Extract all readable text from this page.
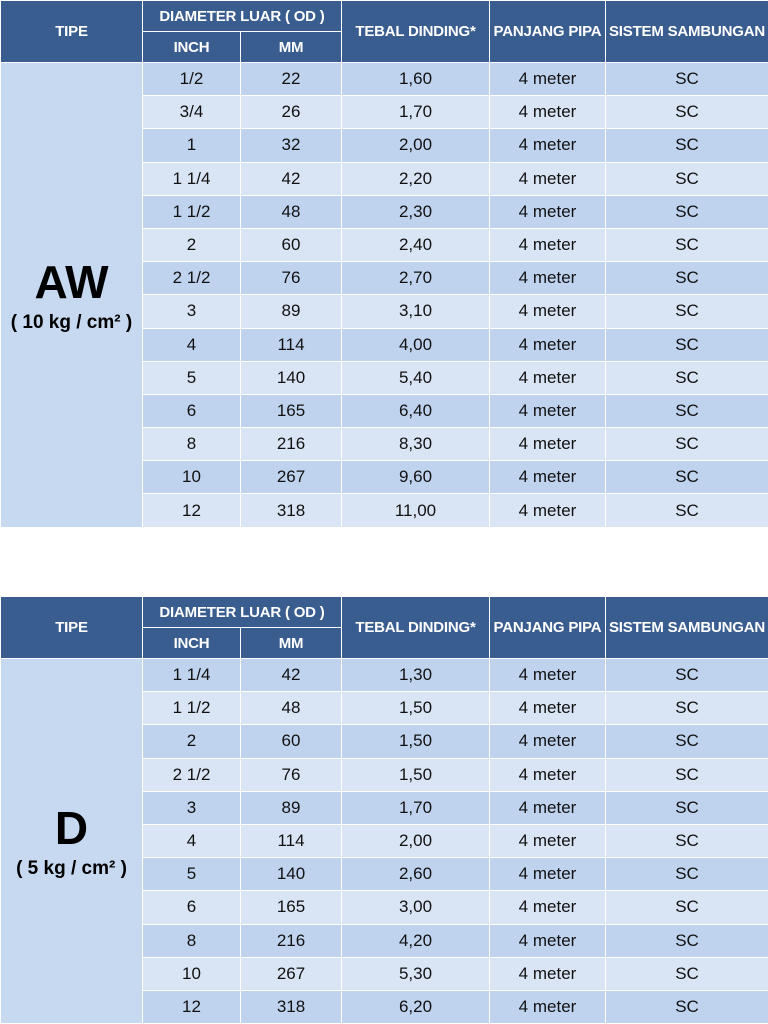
TIPE	DIAMETER LUAR ( OD )		TEBAL DINDING*	PANJANG PIPA	SISTEM SAMBUNGAN
	INCH	MM			

AW
( 10 kg / cm² )	1/2	22	1,60	4 meter	SC
	3/4	26	1,70	4 meter	SC
	1	32	2,00	4 meter	SC
	1 1/4	42	2,20	4 meter	SC
	1 1/2	48	2,30	4 meter	SC
	2	60	2,40	4 meter	SC
	2 1/2	76	2,70	4 meter	SC
	3	89	3,10	4 meter	SC
	4	114	4,00	4 meter	SC
	5	140	5,40	4 meter	SC
	6	165	6,40	4 meter	SC
	8	216	8,30	4 meter	SC
	10	267	9,60	4 meter	SC
	12	318	11,00	4 meter	SC
TIPE	DIAMETER LUAR ( OD )		TEBAL DINDING*	PANJANG PIPA	SISTEM SAMBUNGAN
	INCH	MM			

D
( 5 kg / cm² )	1 1/4	42	1,30	4 meter	SC
	1 1/2	48	1,50	4 meter	SC
	2	60	1,50	4 meter	SC
	2 1/2	76	1,50	4 meter	SC
	3	89	1,70	4 meter	SC
	4	114	2,00	4 meter	SC
	5	140	2,60	4 meter	SC
	6	165	3,00	4 meter	SC
	8	216	4,20	4 meter	SC
	10	267	5,30	4 meter	SC
	12	318	6,20	4 meter	SC
